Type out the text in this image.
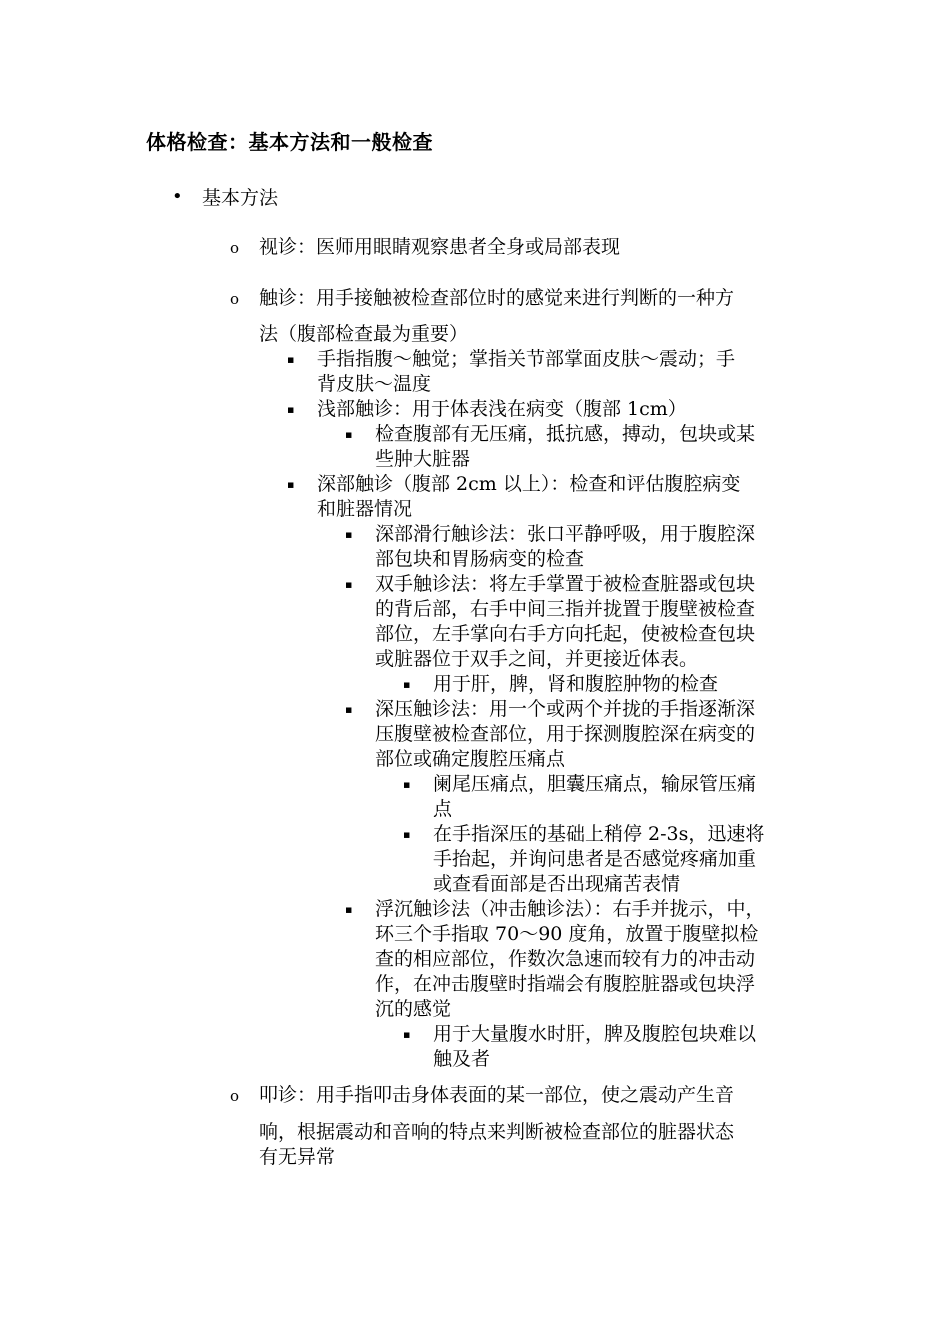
体格检查：基本方法和一般检查
• 基本方法
o 视诊：医师用眼睛观察患者全身或局部表现
o 触诊：用手接触被检查部位时的感觉来进行判断的一种方
法（腹部检查最为重要）
▪ 手指指腹～触觉；掌指关节部掌面皮肤～震动；手
背皮肤～温度
▪ 浅部触诊：用于体表浅在病变（腹部 1cm）
▪ 检查腹部有无压痛，抵抗感，搏动，包块或某
些肿大脏器
▪ 深部触诊（腹部 2cm 以上）：检查和评估腹腔病变
和脏器情况
▪ 深部滑行触诊法：张口平静呼吸，用于腹腔深
部包块和胃肠病变的检查
▪ 双手触诊法：将左手掌置于被检查脏器或包块
的背后部，右手中间三指并拢置于腹壁被检查
部位，左手掌向右手方向托起，使被检查包块
或脏器位于双手之间，并更接近体表。
▪ 用于肝，脾，肾和腹腔肿物的检查
▪ 深压触诊法：用一个或两个并拢的手指逐渐深
压腹壁被检查部位，用于探测腹腔深在病变的
部位或确定腹腔压痛点
▪ 阑尾压痛点，胆囊压痛点，输尿管压痛
点
▪ 在手指深压的基础上稍停 2-3s，迅速将
手抬起，并询问患者是否感觉疼痛加重
或查看面部是否出现痛苦表情
▪ 浮沉触诊法（冲击触诊法）：右手并拢示，中，
环三个手指取 70～90 度角，放置于腹壁拟检
查的相应部位，作数次急速而较有力的冲击动
作，在冲击腹壁时指端会有腹腔脏器或包块浮
沉的感觉
▪ 用于大量腹水时肝，脾及腹腔包块难以
触及者
o 叩诊：用手指叩击身体表面的某一部位，使之震动产生音
响，根据震动和音响的特点来判断被检查部位的脏器状态
有无异常
